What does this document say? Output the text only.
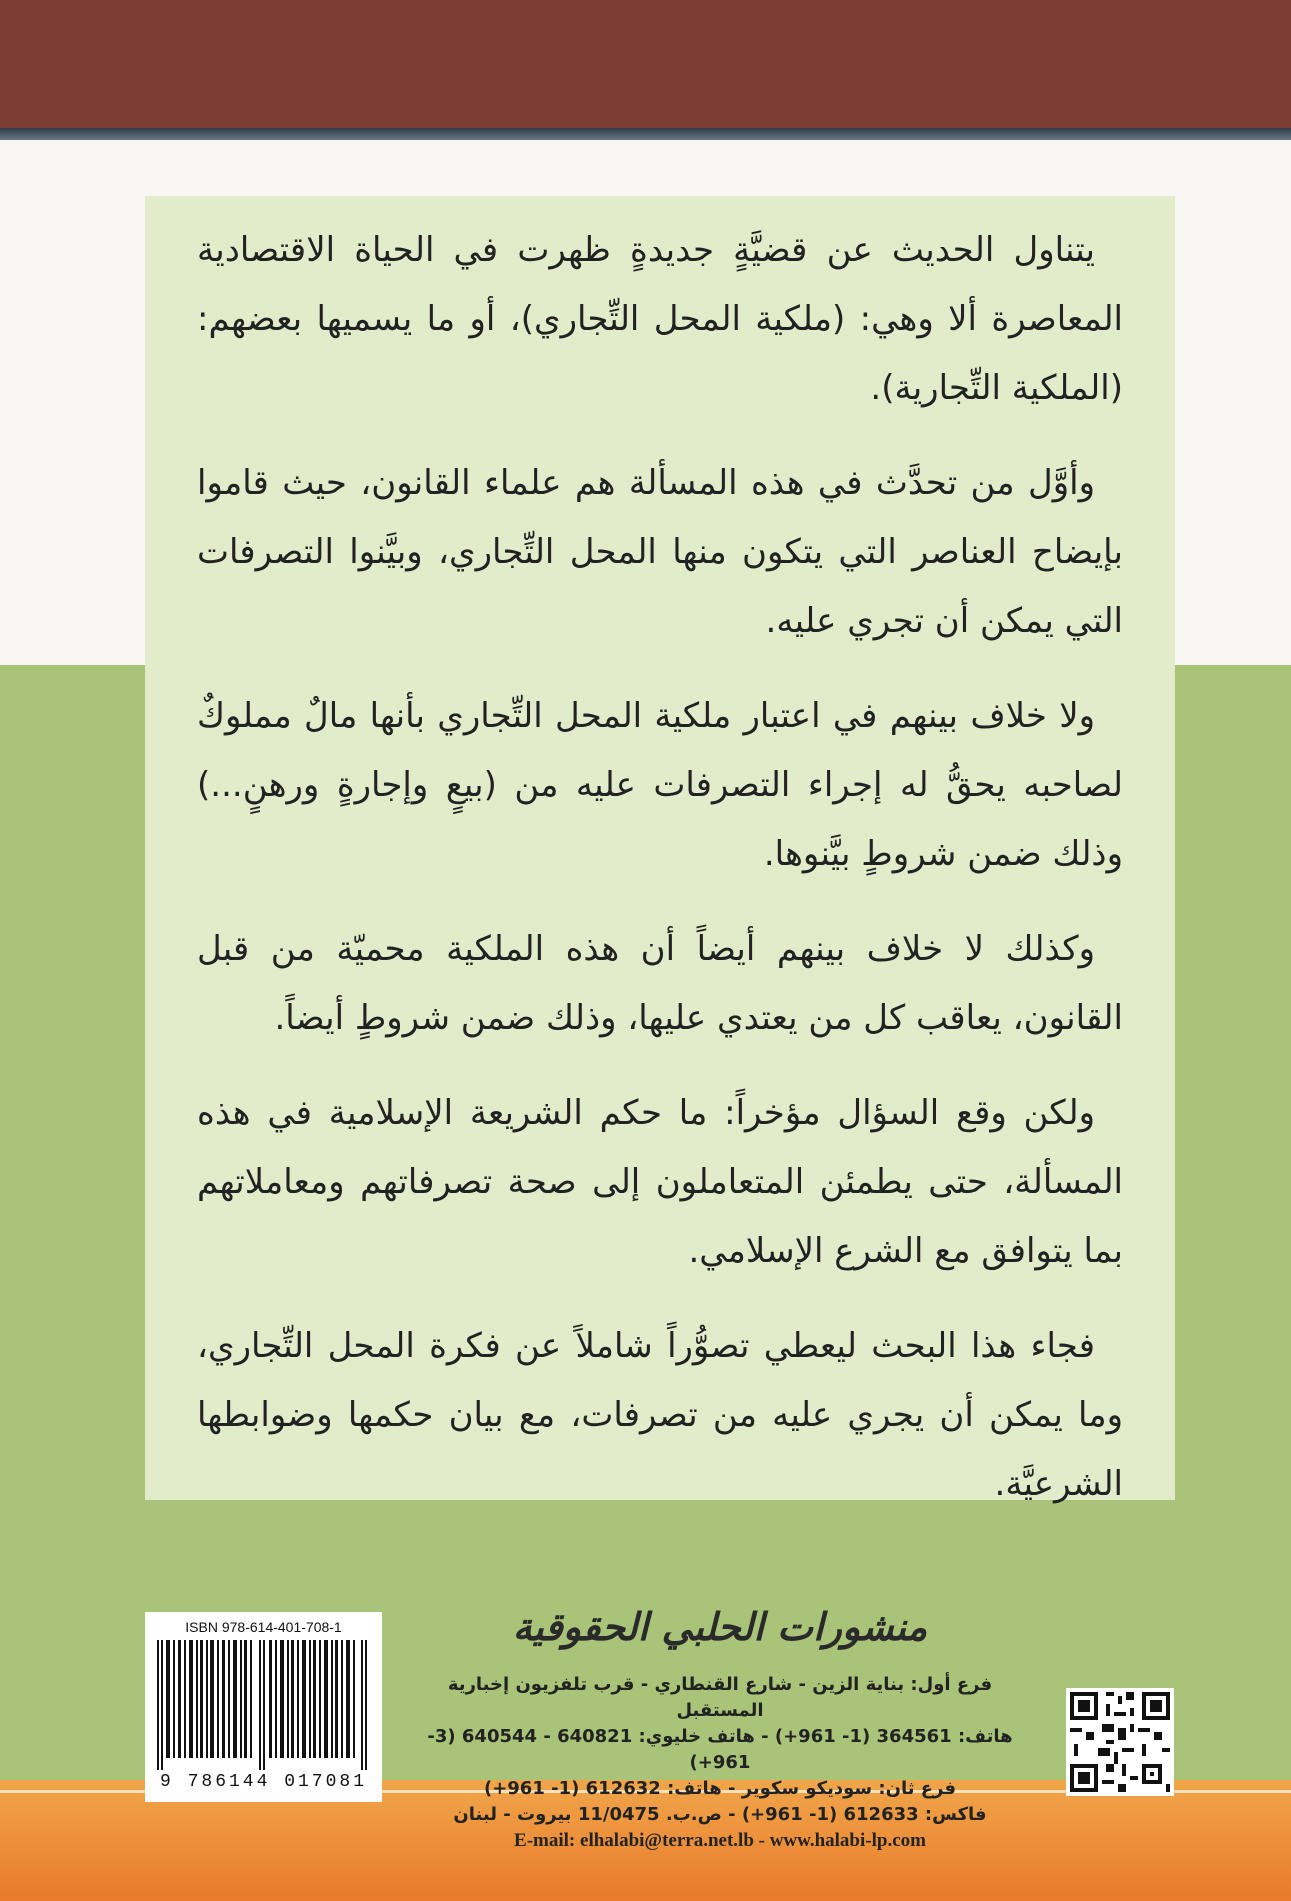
يتناول الحديث عن قضيَّةٍ جديدةٍ ظهرت في الحياة الاقتصادية المعاصرة ألا وهي: (ملكية المحل التِّجاري)، أو ما يسميها بعضهم: (الملكية التِّجارية).

وأوَّل من تحدَّث في هذه المسألة هم علماء القانون، حيث قاموا بإيضاح العناصر التي يتكون منها المحل التِّجاري، وبيَّنوا التصرفات التي يمكن أن تجري عليه.

ولا خلاف بينهم في اعتبار ملكية المحل التِّجاري بأنها مالٌ مملوكٌ لصاحبه يحقُّ له إجراء التصرفات عليه من (بيعٍ وإجارةٍ ورهنٍ...) وذلك ضمن شروطٍ بيَّنوها.

وكذلك لا خلاف بينهم أيضاً أن هذه الملكية محميّة من قبل القانون، يعاقب كل من يعتدي عليها، وذلك ضمن شروطٍ أيضاً.

ولكن وقع السؤال مؤخراً: ما حكم الشريعة الإسلامية في هذه المسألة، حتى يطمئن المتعاملون إلى صحة تصرفاتهم ومعاملاتهم بما يتوافق مع الشرع الإسلامي.

فجاء هذا البحث ليعطي تصوُّراً شاملاً عن فكرة المحل التِّجاري، وما يمكن أن يجري عليه من تصرفات، مع بيان حكمها وضوابطها الشرعيَّة.

ISBN 978-614-401-708-1
9 786144 017081
منشورات الحلبي الحقوقية
فرع أول: بناية الزين - شارع القنطاري - قرب تلفزيون إخبارية المستقبل
هاتف: 364561 (1- 961+) - هاتف خليوي: 640821 - 640544 (3- 961+)
فرع ثان: سوديكو سكوير - هاتف: 612632 (1- 961+)
فاكس: 612633 (1- 961+) - ص.ب. 11/0475 بيروت - لبنان
E-mail: elhalabi@terra.net.lb - www.halabi-lp.com
